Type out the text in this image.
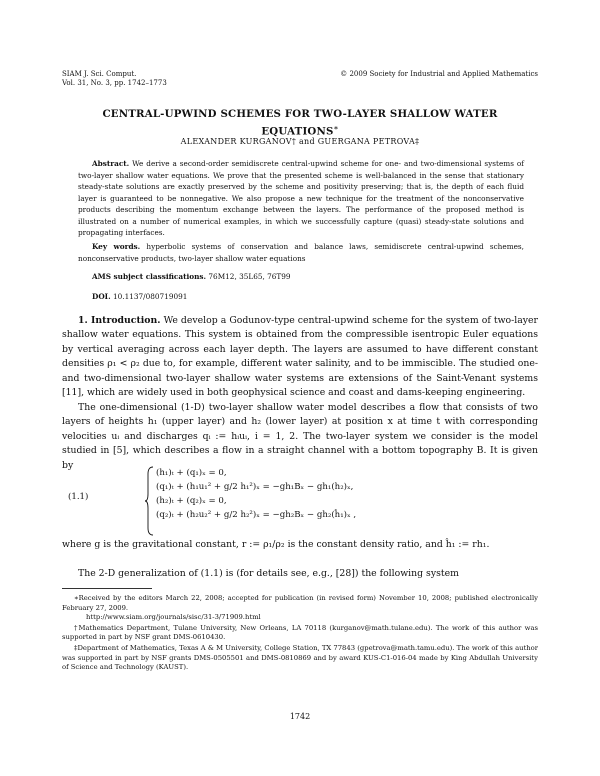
SIAM J. Sci. Comput.
Vol. 31, No. 3, pp. 1742–1773
© 2009 Society for Industrial and Applied Mathematics
CENTRAL-UPWIND SCHEMES FOR TWO-LAYER SHALLOW WATER EQUATIONS∗
ALEXANDER KURGANOV† and GUERGANA PETROVA‡
Abstract. We derive a second-order semidiscrete central-upwind scheme for one- and two-dimensional systems of two-layer shallow water equations. We prove that the presented scheme is well-balanced in the sense that stationary steady-state solutions are exactly preserved by the scheme and positivity preserving; that is, the depth of each fluid layer is guaranteed to be nonnegative. We also propose a new technique for the treatment of the nonconservative products describing the momentum exchange between the layers. The performance of the proposed method is illustrated on a number of numerical examples, in which we successfully capture (quasi) steady-state solutions and propagating interfaces.
Key words. hyperbolic systems of conservation and balance laws, semidiscrete central-upwind schemes, nonconservative products, two-layer shallow water equations
AMS subject classifications. 76M12, 35L65, 76T99
DOI. 10.1137/080719091
1. Introduction. We develop a Godunov-type central-upwind scheme for the system of two-layer shallow water equations. This system is obtained from the compressible isentropic Euler equations by vertical averaging across each layer depth. The layers are assumed to have different constant densities ρ₁ < ρ₂ due to, for example, different water salinity, and to be immiscible. The studied one- and two-dimensional two-layer shallow water systems are extensions of the Saint-Venant systems [11], which are widely used in both geophysical science and coast and dams-keeping engineering.
The one-dimensional (1-D) two-layer shallow water model describes a flow that consists of two layers of heights h₁ (upper layer) and h₂ (lower layer) at position x at time t with corresponding velocities uᵢ and discharges qᵢ := hᵢuᵢ, i = 1, 2. The two-layer system we consider is the model studied in [5], which describes a flow in a straight channel with a bottom topography B. It is given by
(1.1)
(h₁)ₜ + (q₁)ₓ = 0,
(q₁)ₜ + (h₁u₁² + g/2 h₁²)ₓ = −gh₁Bₓ − gh₁(h₂)ₓ,
(h₂)ₜ + (q₂)ₓ = 0,
(q₂)ₜ + (h₂u₂² + g/2 h₂²)ₓ = −gh₂Bₓ − gh₂(ĥ₁)ₓ ,
where g is the gravitational constant, r := ρ₁/ρ₂ is the constant density ratio, and ĥ₁ := rh₁.
The 2-D generalization of (1.1) is (for details see, e.g., [28]) the following system
∗Received by the editors March 22, 2008; accepted for publication (in revised form) November 10, 2008; published electronically February 27, 2009.
http://www.siam.org/journals/sisc/31-3/71909.html
†Mathematics Department, Tulane University, New Orleans, LA 70118 (kurganov@math.tulane.edu). The work of this author was supported in part by NSF grant DMS-0610430.
‡Department of Mathematics, Texas A & M University, College Station, TX 77843 (gpetrova@math.tamu.edu). The work of this author was supported in part by NSF grants DMS-0505501 and DMS-0810869 and by award KUS-C1-016-04 made by King Abdullah University of Science and Technology (KAUST).
1742
